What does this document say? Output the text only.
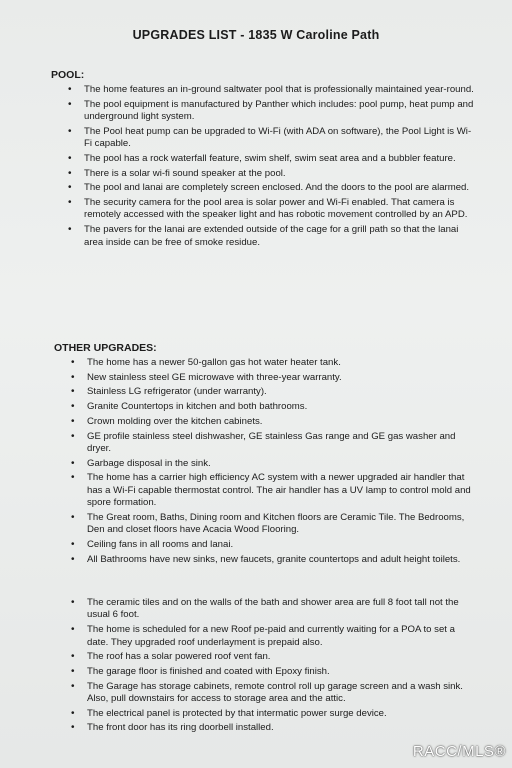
UPGRADES LIST - 1835 W Caroline Path
POOL:
• The home features an in-ground saltwater pool that is professionally maintained year-round.
• The pool equipment is manufactured by Panther which includes: pool pump, heat pump and underground light system.
• The Pool heat pump can be upgraded to Wi-Fi (with ADA on software), the Pool Light is Wi-Fi capable.
• The pool has a rock waterfall feature, swim shelf, swim seat area and a bubbler feature.
• There is a solar wi-fi sound speaker at the pool.
• The pool and lanai are completely screen enclosed. And the doors to the pool are alarmed.
• The security camera for the pool area is solar power and Wi-Fi enabled. That camera is remotely accessed with the speaker light and has robotic movement controlled by an APD.
• The pavers for the lanai are extended outside of the cage for a grill path so that the lanai area inside can be free of smoke residue.
OTHER UPGRADES:
• The home has a newer 50-gallon gas hot water heater tank.
• New stainless steel GE microwave with three-year warranty.
• Stainless LG refrigerator (under warranty).
• Granite Countertops in kitchen and both bathrooms.
• Crown molding over the kitchen cabinets.
• GE profile stainless steel dishwasher, GE stainless Gas range and GE gas washer and dryer.
• Garbage disposal in the sink.
• The home has a carrier high efficiency AC system with a newer upgraded air handler that has a Wi-Fi capable thermostat control. The air handler has a UV lamp to control mold and spore formation.
• The Great room, Baths, Dining room and Kitchen floors are Ceramic Tile. The Bedrooms, Den and closet floors have Acacia Wood Flooring.
• Ceiling fans in all rooms and lanai.
• All Bathrooms have new sinks, new faucets, granite countertops and adult height toilets.
• The ceramic tiles and on the walls of the bath and shower area are full 8 foot tall not the usual 6 foot.
• The home is scheduled for a new Roof pe-paid and currently waiting for a POA to set a date. They upgraded roof underlayment is prepaid also.
• The roof has a solar powered roof vent fan.
• The garage floor is finished and coated with Epoxy finish.
• The Garage has storage cabinets, remote control roll up garage screen and a wash sink. Also, pull downstairs for access to storage area and the attic.
• The electrical panel is protected by that intermatic power surge device.
• The front door has its ring doorbell installed.
RACC/MLS®
